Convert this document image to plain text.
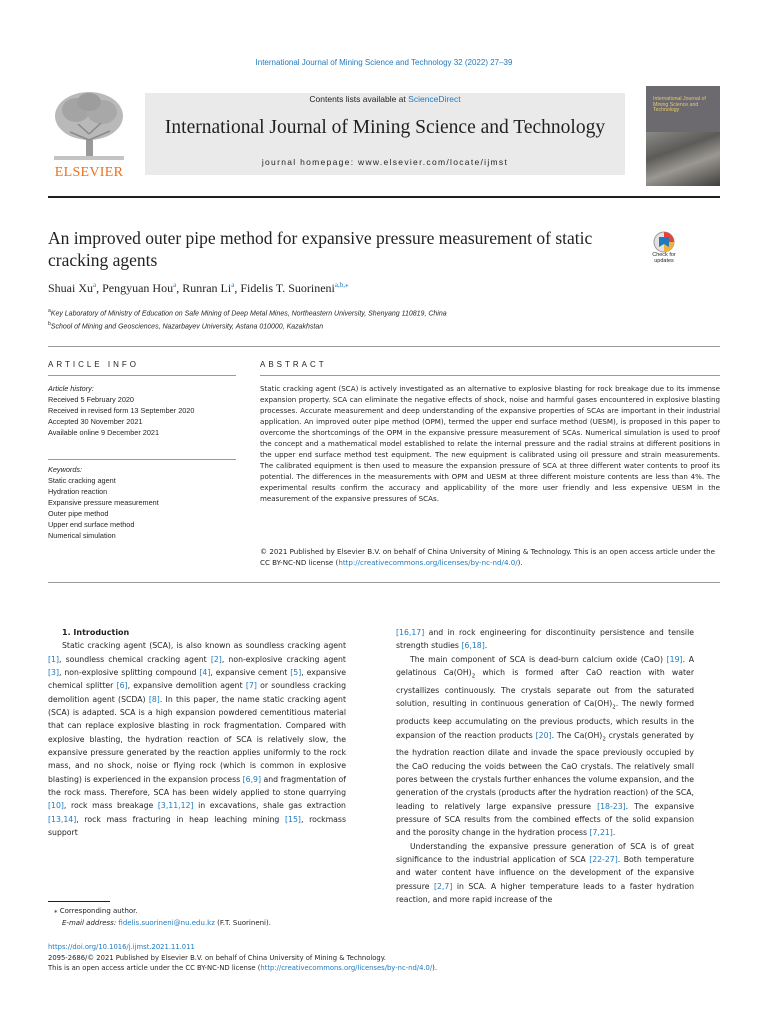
International Journal of Mining Science and Technology 32 (2022) 27–39
ELSEVIER
Contents lists available at ScienceDirect
International Journal of Mining Science and Technology
journal homepage: www.elsevier.com/locate/ijmst
International Journal of Mining Science and Technology
An improved outer pipe method for expansive pressure measurement of static cracking agents	Check for updates
Shuai Xu$^a$, Pengyuan Hou$^a$, Runran Li$^a$, Fidelis T. Suorineni$^{a,b,⁎}$
$^a$Key Laboratory of Ministry of Education on Safe Mining of Deep Metal Mines, Northeastern University, Shenyang 110819, China
$^b$School of Mining and Geosciences, Nazarbayev University, Astana 010000, Kazakhstan
ARTICLE INFO
Article history:
Received 5 February 2020
Received in revised form 13 September 2020
Accepted 30 November 2021
Available online 9 December 2021
Keywords:
Static cracking agent
Hydration reaction
Expansive pressure measurement
Outer pipe method
Upper end surface method
Numerical simulation
ABSTRACT

Static cracking agent (SCA) is actively investigated as an alternative to explosive blasting for rock breakage due to its immense expansion property. SCA can eliminate the negative effects of shock, noise and harmful gases encountered in explosive blasting processes. Accurate measurement and deep understanding of the expansive properties of SCAs are important in their industrial application. An improved outer pipe method (OPM), termed the upper end surface method (UESM), is proposed in this paper to overcome the shortcomings of the OPM in the expansive pressure measurement of SCAs. Numerical simulation is used to proof the concept and a mathematical model established to relate the internal pressure and the radial strains at different positions in the upper end surface method test equipment. The new equipment is calibrated using oil pressure and strain measurements. The calibrated equipment is then used to measure the expansion pressure of SCA at three different water contents to proof its potential. The differences in the measurements with OPM and UESM at three different moisture contents are less than 4%. The experimental results confirm the accuracy and applicability of the more user friendly and less expensive UESM in the measurement of the expansive pressures of SCAs.

© 2021 Published by Elsevier B.V. on behalf of China University of Mining & Technology. This is an open access article under the CC BY-NC-ND license (http://creativecommons.org/licenses/by-nc-nd/4.0/).

1. Introduction

Static cracking agent (SCA), is also known as soundless cracking agent [1], soundless chemical cracking agent [2], non-explosive cracking agent [3], non-explosive splitting compound [4], expansive cement [5], expansive chemical splitter [6], expansive demolition agent [7] or soundless cracking demolition agent (SCDA) [8]. In this paper, the name static cracking agent (SCA) is adapted. SCA is a high expansion powdered cementitious material that can replace explosive blasting in rock fragmentation. Compared with explosive blasting, the hydration reaction of SCA is relatively slow, the expansive pressure generated by the reaction applies uniformly to the rock mass, and no shock, noise or flying rock (which is common in explosive blasting) is experienced in the expansion process [6,9] and fragmentation of the rock mass. Therefore, SCA has been widely applied to stone quarrying [10], rock mass breakage [3,11,12] in excavations, shale gas extraction [13,14], rock mass fracturing in heap leaching mining [15], rockmass support

[16,17] and in rock engineering for discontinuity persistence and tensile strength studies [6,18].

The main component of SCA is dead-burn calcium oxide (CaO) [19]. A gelatinous $Ca(OH)_2$ which is formed after CaO reaction with water crystallizes continuously. The crystals separate out from the saturated solution, resulting in continuous generation of $Ca(OH)_2$. The newly formed products keep accumulating on the previous products, which results in the expansion of the reaction products [20]. The $Ca(OH)_2$ crystals generated by the hydration reaction dilate and invade the space previously occupied by the CaO reducing the voids between the CaO crystals. The relatively small pores between the crystals further enhances the volume expansion, and the generation of the crystals (products after the hydration reaction) of the SCA, leading to relatively large expansive pressure [18-23]. The expansive pressure of SCA results from the combined effects of the solid expansion and the porosity change in the hydration process [7,21].

Understanding the expansive pressure generation of SCA is of great significance to the industrial application of SCA [22-27]. Both temperature and water content have influence on the development of the expansive pressure [2,7] in SCA. A higher temperature leads to a faster hydration reaction, and more rapid increase of the

⁎ Corresponding author.
E-mail address: fidelis.suorineni@nu.edu.kz (F.T. Suorineni).
https://doi.org/10.1016/j.ijmst.2021.11.011
2095-2686/© 2021 Published by Elsevier B.V. on behalf of China University of Mining & Technology.
This is an open access article under the CC BY-NC-ND license (http://creativecommons.org/licenses/by-nc-nd/4.0/).
